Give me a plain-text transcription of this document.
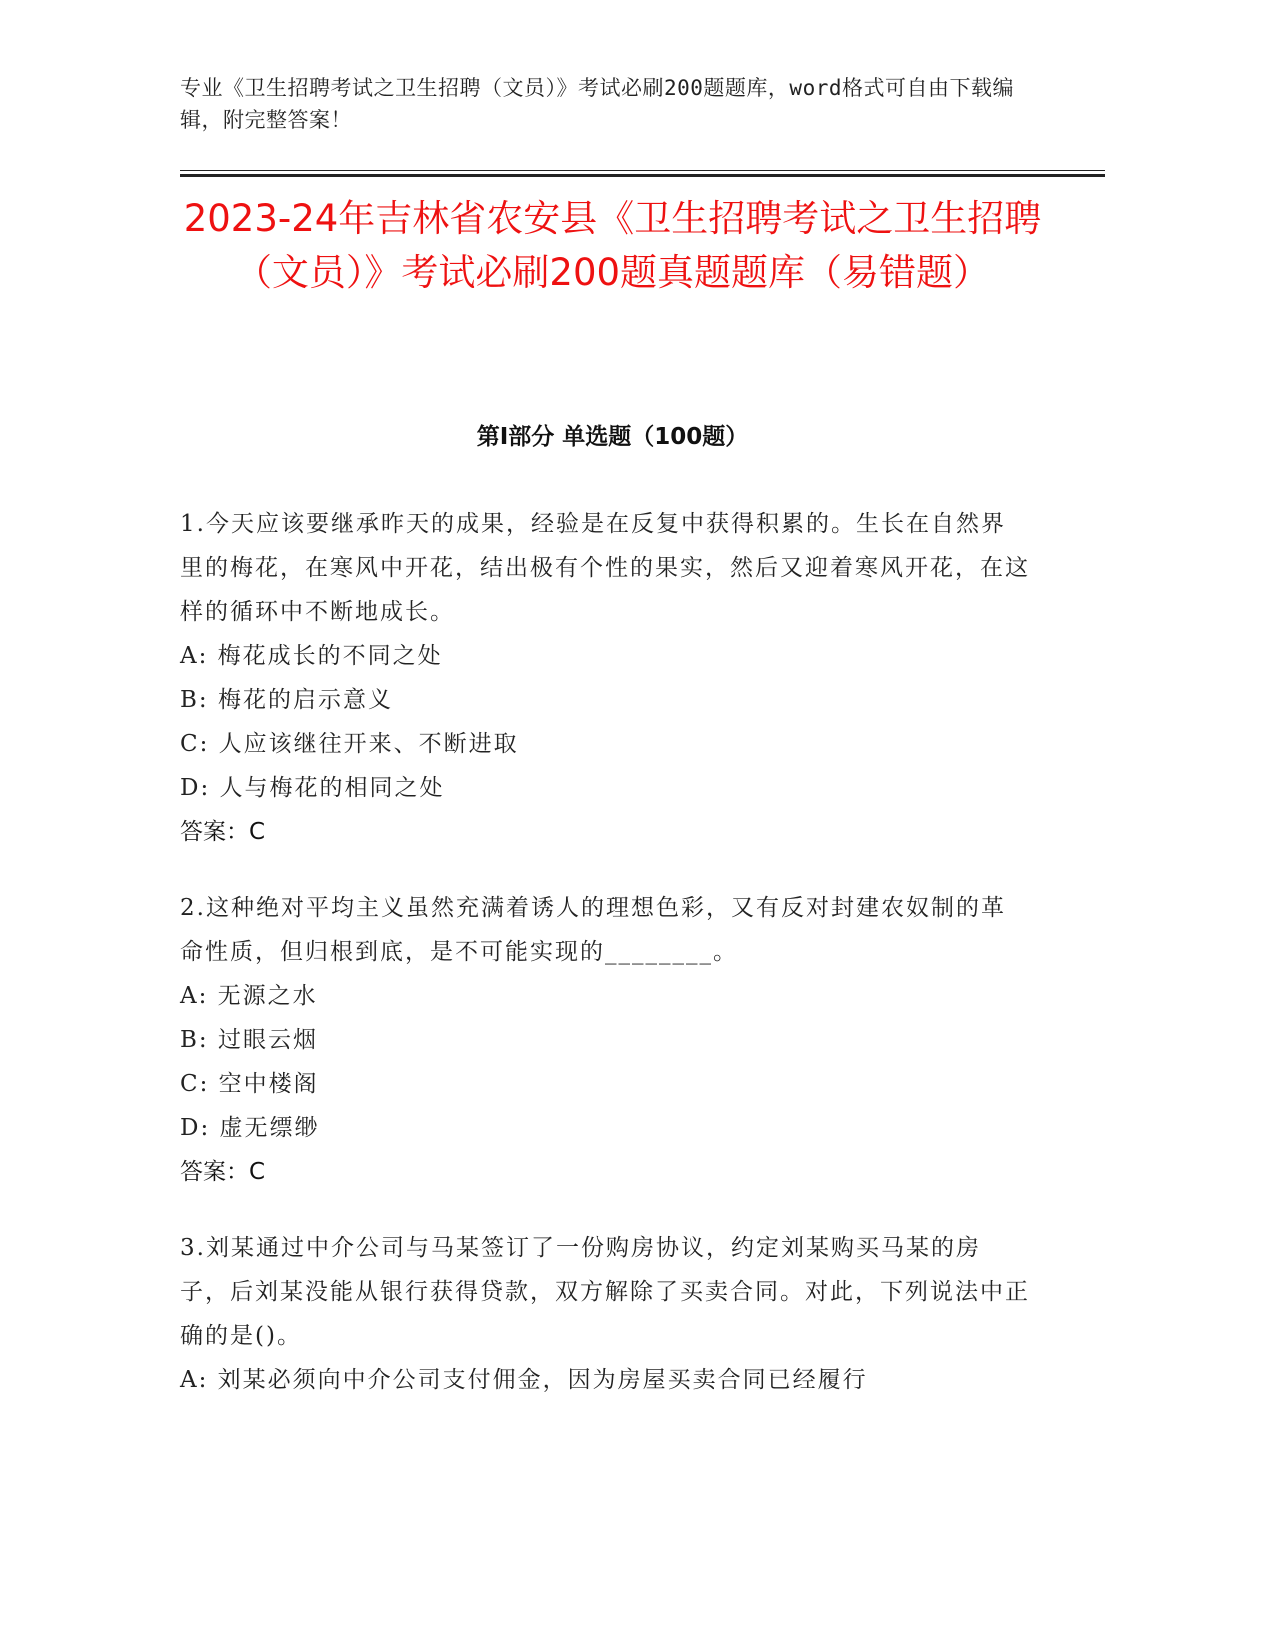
专业《卫生招聘考试之卫生招聘（文员）》考试必刷200题题库，word格式可自由下载编辑，附完整答案！
2023-24年吉林省农安县《卫生招聘考试之卫生招聘（文员）》考试必刷200题真题题库（易错题）
第Ⅰ部分 单选题（100题）

1.今天应该要继承昨天的成果，经验是在反复中获得积累的。生长在自然界里的梅花，在寒风中开花，结出极有个性的果实，然后又迎着寒风开花，在这样的循环中不断地成长。

A: 梅花成长的不同之处

B: 梅花的启示意义

C: 人应该继往开来、不断进取

D: 人与梅花的相同之处

答案：C

2.这种绝对平均主义虽然充满着诱人的理想色彩，又有反对封建农奴制的革命性质，但归根到底，是不可能实现的________。

A: 无源之水

B: 过眼云烟

C: 空中楼阁

D: 虚无缥缈

答案：C

3.刘某通过中介公司与马某签订了一份购房协议，约定刘某购买马某的房子，后刘某没能从银行获得贷款，双方解除了买卖合同。对此，下列说法中正确的是()。

A: 刘某必须向中介公司支付佣金，因为房屋买卖合同已经履行
